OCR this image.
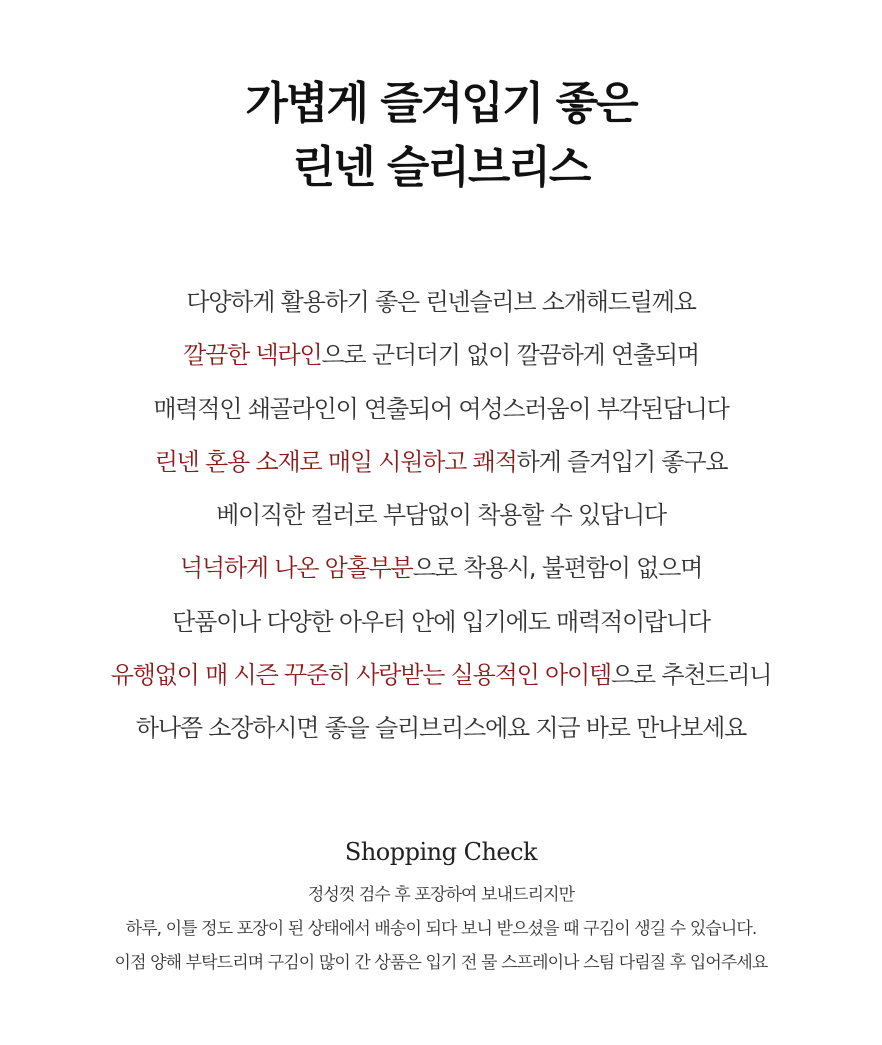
가볍게 즐겨입기 좋은
린넨 슬리브리스
다양하게 활용하기 좋은 린넨슬리브 소개해드릴께요
깔끔한 넥라인으로 군더더기 없이 깔끔하게 연출되며
매력적인 쇄골라인이 연출되어 여성스러움이 부각된답니다
린넨 혼용 소재로 매일 시원하고 쾌적하게 즐겨입기 좋구요
베이직한 컬러로 부담없이 착용할 수 있답니다
넉넉하게 나온 암홀부분으로 착용시, 불편함이 없으며
단품이나 다양한 아우터 안에 입기에도 매력적이랍니다
유행없이 매 시즌 꾸준히 사랑받는 실용적인 아이템으로 추천드리니
하나쯤 소장하시면 좋을 슬리브리스에요 지금 바로 만나보세요
Shopping Check
정성껏 검수 후 포장하여 보내드리지만
하루, 이틀 정도 포장이 된 상태에서 배송이 되다 보니 받으셨을 때 구김이 생길 수 있습니다.
이점 양해 부탁드리며 구김이 많이 간 상품은 입기 전 물 스프레이나 스팀 다림질 후 입어주세요
